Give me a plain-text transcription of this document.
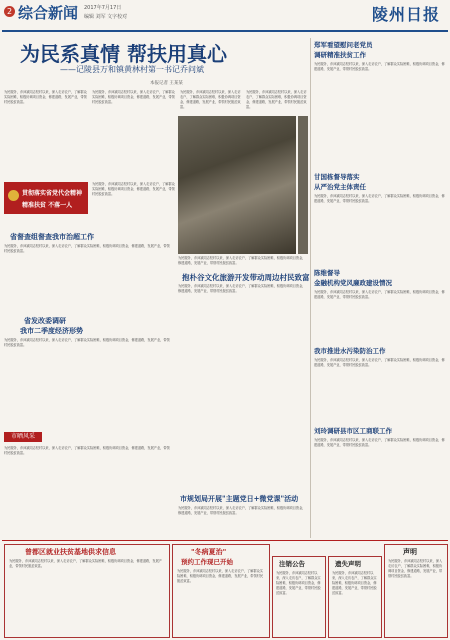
2 综合新闻 2017年7月17日
编辑 刘军 文字校对	陵州日报
为民系真情 帮扶用真心
——记陵县万和镇黄林村第一书记乔问斌
本报记者 王某某
为民服务，乔问斌同志驻村以来，深入走访农户，了解群众实际困难，积极协调项目资金，修建道路，发展产业，带领村民脱贫致富。
为民服务，乔问斌同志驻村以来，深入走访农户，了解群众实际困难，积极协调项目资金，修建道路，发展产业，带领村民脱贫致富。
为民服务，乔问斌同志驻村以来，深入走访农户，了解群众实际困难，积极协调项目资金，修建道路，发展产业，带领村民脱贫致富。
为民服务，乔问斌同志驻村以来，深入走访农户，了解群众实际困难，积极协调项目资金，修建道路，发展产业，带领村民脱贫致富。
贯彻落实省党代会精神
精准扶贫 不落一人
为民服务，乔问斌同志驻村以来，深入走访农户，了解群众实际困难，积极协调项目资金，修建道路，发展产业，带领村民脱贫致富。
为民服务，乔问斌同志驻村以来，深入走访农户，了解群众实际困难，积极协调项目资金，修建道路，发展产业，带领村民脱贫致富。
省督查组督查我市治超工作
为民服务，乔问斌同志驻村以来，深入走访农户，了解群众实际困难，积极协调项目资金，修建道路，发展产业，带领村民脱贫致富。
省发改委调研
我市二季度经济形势
为民服务，乔问斌同志驻村以来，深入走访农户，了解群众实际困难，积极协调项目资金，修建道路，发展产业，带领村民脱贫致富。
抱朴谷文化旅游开发带动周边村民致富
为民服务，乔问斌同志驻村以来，深入走访农户，了解群众实际困难，积极协调项目资金，修建道路，发展产业，带领村民脱贫致富。
市晒风采
为民服务，乔问斌同志驻村以来，深入走访农户，了解群众实际困难，积极协调项目资金，修建道路，发展产业，带领村民脱贫致富。
市规划局开展"主题党日+微党课"活动
为民服务，乔问斌同志驻村以来，深入走访农户，了解群众实际困难，积极协调项目资金，修建道路，发展产业，带领村民脱贫致富。
郑军看望慰问老党员
调研精准扶贫工作
为民服务，乔问斌同志驻村以来，深入走访农户，了解群众实际困难，积极协调项目资金，修建道路，发展产业，带领村民脱贫致富。
甘国栋督导落实
从严治党主体责任
为民服务，乔问斌同志驻村以来，深入走访农户，了解群众实际困难，积极协调项目资金，修建道路，发展产业，带领村民脱贫致富。
陈维督导
金融机构党风廉政建设情况
为民服务，乔问斌同志驻村以来，深入走访农户，了解群众实际困难，积极协调项目资金，修建道路，发展产业，带领村民脱贫致富。
我市推进水污染防治工作
为民服务，乔问斌同志驻村以来，深入走访农户，了解群众实际困难，积极协调项目资金，修建道路，发展产业，带领村民脱贫致富。
刘玲调研县市区工商联工作
为民服务，乔问斌同志驻村以来，深入走访农户，了解群众实际困难，积极协调项目资金，修建道路，发展产业，带领村民脱贫致富。
曾都区就业扶贫基地供求信息
为民服务，乔问斌同志驻村以来，深入走访农户，了解群众实际困难，积极协调项目资金，修建道路，发展产业，带领村民脱贫致富。
"冬病夏治"
预约工作现已开始
为民服务，乔问斌同志驻村以来，深入走访农户，了解群众实际困难，积极协调项目资金，修建道路，发展产业，带领村民脱贫致富。
注销公告
为民服务，乔问斌同志驻村以来，深入走访农户，了解群众实际困难，积极协调项目资金，修建道路，发展产业，带领村民脱贫致富。
遗失声明
为民服务，乔问斌同志驻村以来，深入走访农户，了解群众实际困难，积极协调项目资金，修建道路，发展产业，带领村民脱贫致富。
声明
为民服务，乔问斌同志驻村以来，深入走访农户，了解群众实际困难，积极协调项目资金，修建道路，发展产业，带领村民脱贫致富。
